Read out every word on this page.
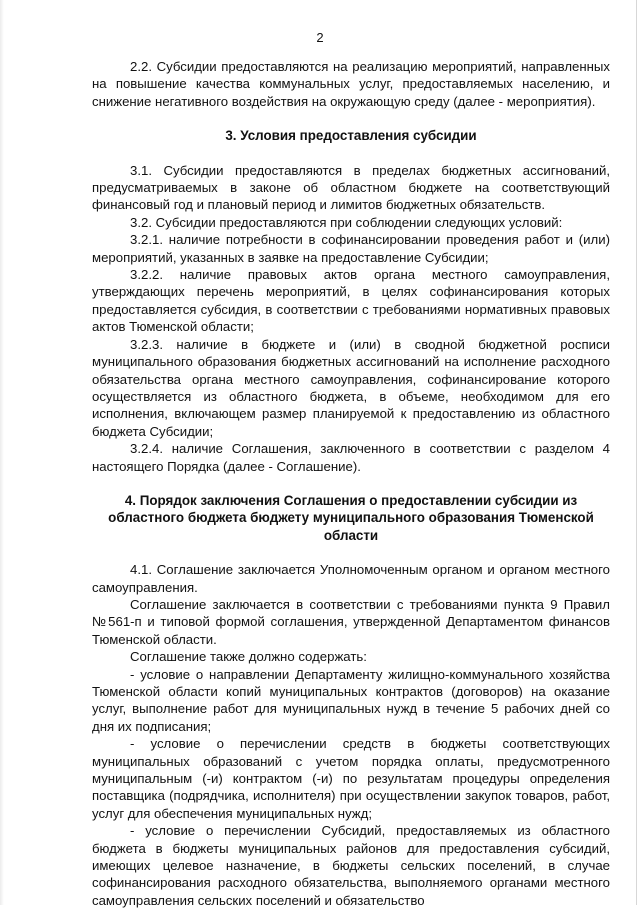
2

2.2. Субсидии предоставляются на реализацию мероприятий, направленных на повышение качества коммунальных услуг, предоставляемых населению, и снижение негативного воздействия на окружающую среду (далее - мероприятия).

3. Условия предоставления субсидии

3.1. Субсидии предоставляются в пределах бюджетных ассигнований, предусматриваемых в законе об областном бюджете на соответствующий финансовый год и плановый период и лимитов бюджетных обязательств.

3.2. Субсидии предоставляются при соблюдении следующих условий:

3.2.1. наличие потребности в софинансировании проведения работ и (или) мероприятий, указанных в заявке на предоставление Субсидии;

3.2.2. наличие правовых актов органа местного самоуправления, утверждающих перечень мероприятий, в целях софинансирования которых предоставляется субсидия, в соответствии с требованиями нормативных правовых актов Тюменской области;

3.2.3. наличие в бюджете и (или) в сводной бюджетной росписи муниципального образования бюджетных ассигнований на исполнение расходного обязательства органа местного самоуправления, софинансирование которого осуществляется из областного бюджета, в объеме, необходимом для его исполнения, включающем размер планируемой к предоставлению из областного бюджета Субсидии;

3.2.4. наличие Соглашения, заключенного в соответствии с разделом 4 настоящего Порядка (далее - Соглашение).

4. Порядок заключения Соглашения о предоставлении субсидии из областного бюджета бюджету муниципального образования Тюменской области

4.1. Соглашение заключается Уполномоченным органом и органом местного самоуправления.

Соглашение заключается в соответствии с требованиями пункта 9 Правил №561-п и типовой формой соглашения, утвержденной Департаментом финансов Тюменской области.

Соглашение также должно содержать:

- условие о направлении Департаменту жилищно-коммунального хозяйства Тюменской области копий муниципальных контрактов (договоров) на оказание услуг, выполнение работ для муниципальных нужд в течение 5 рабочих дней со дня их подписания;

- условие о перечислении средств в бюджеты соответствующих муниципальных образований с учетом порядка оплаты, предусмотренного муниципальным (-и) контрактом (-и) по результатам процедуры определения поставщика (подрядчика, исполнителя) при осуществлении закупок товаров, работ, услуг для обеспечения муниципальных нужд;

- условие о перечислении Субсидий, предоставляемых из областного бюджета в бюджеты муниципальных районов для предоставления субсидий, имеющих целевое назначение, в бюджеты сельских поселений, в случае софинансирования расходного обязательства, выполняемого органами местного самоуправления сельских поселений и обязательство
